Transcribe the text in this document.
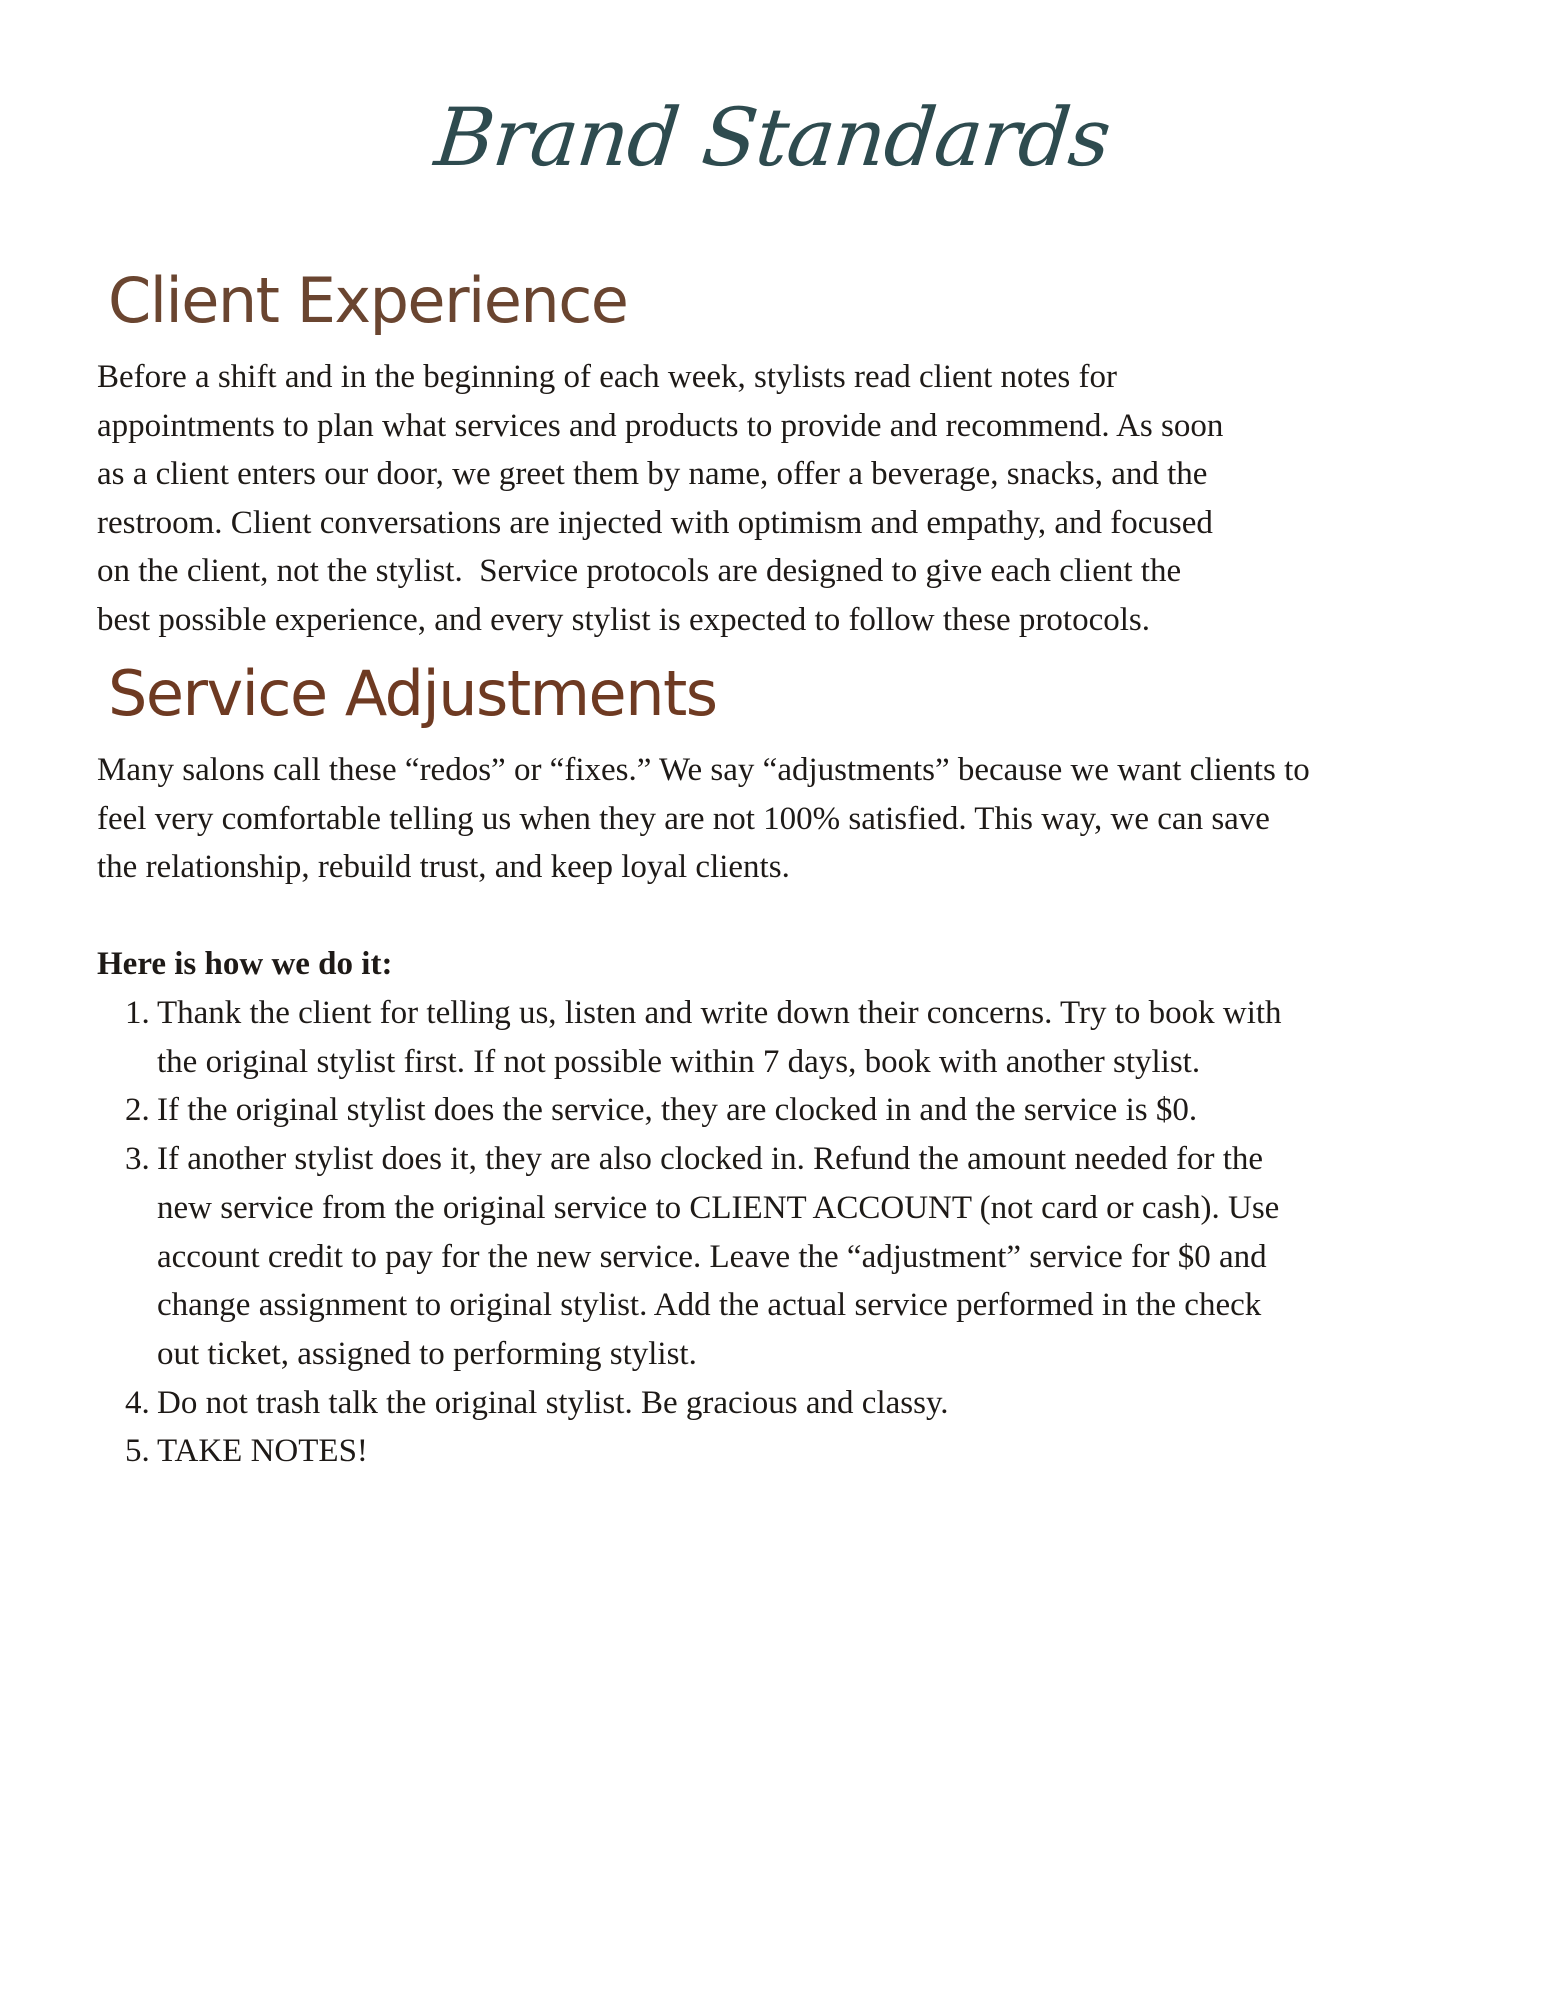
Brand Standards
Client Experience

Before a shift and in the beginning of each week, stylists read client notes for
appointments to plan what services and products to provide and recommend. As soon
as a client enters our door, we greet them by name, offer a beverage, snacks, and the
restroom. Client conversations are injected with optimism and empathy, and focused
on the client, not the stylist.  Service protocols are designed to give each client the
best possible experience, and every stylist is expected to follow these protocols.

Service Adjustments

Many salons call these “redos” or “fixes.” We say “adjustments” because we want clients to
feel very comfortable telling us when they are not 100% satisfied. This way, we can save
the relationship, rebuild trust, and keep loyal clients.

Here is how we do it:

1. Thank the client for telling us, listen and write down their concerns. Try to book with
the original stylist first. If not possible within 7 days, book with another stylist.
2. If the original stylist does the service, they are clocked in and the service is $0.
3. If another stylist does it, they are also clocked in. Refund the amount needed for the
new service from the original service to CLIENT ACCOUNT (not card or cash). Use
account credit to pay for the new service. Leave the “adjustment” service for $0 and
change assignment to original stylist. Add the actual service performed in the check
out ticket, assigned to performing stylist.
4. Do not trash talk the original stylist. Be gracious and classy.
5. TAKE NOTES!
